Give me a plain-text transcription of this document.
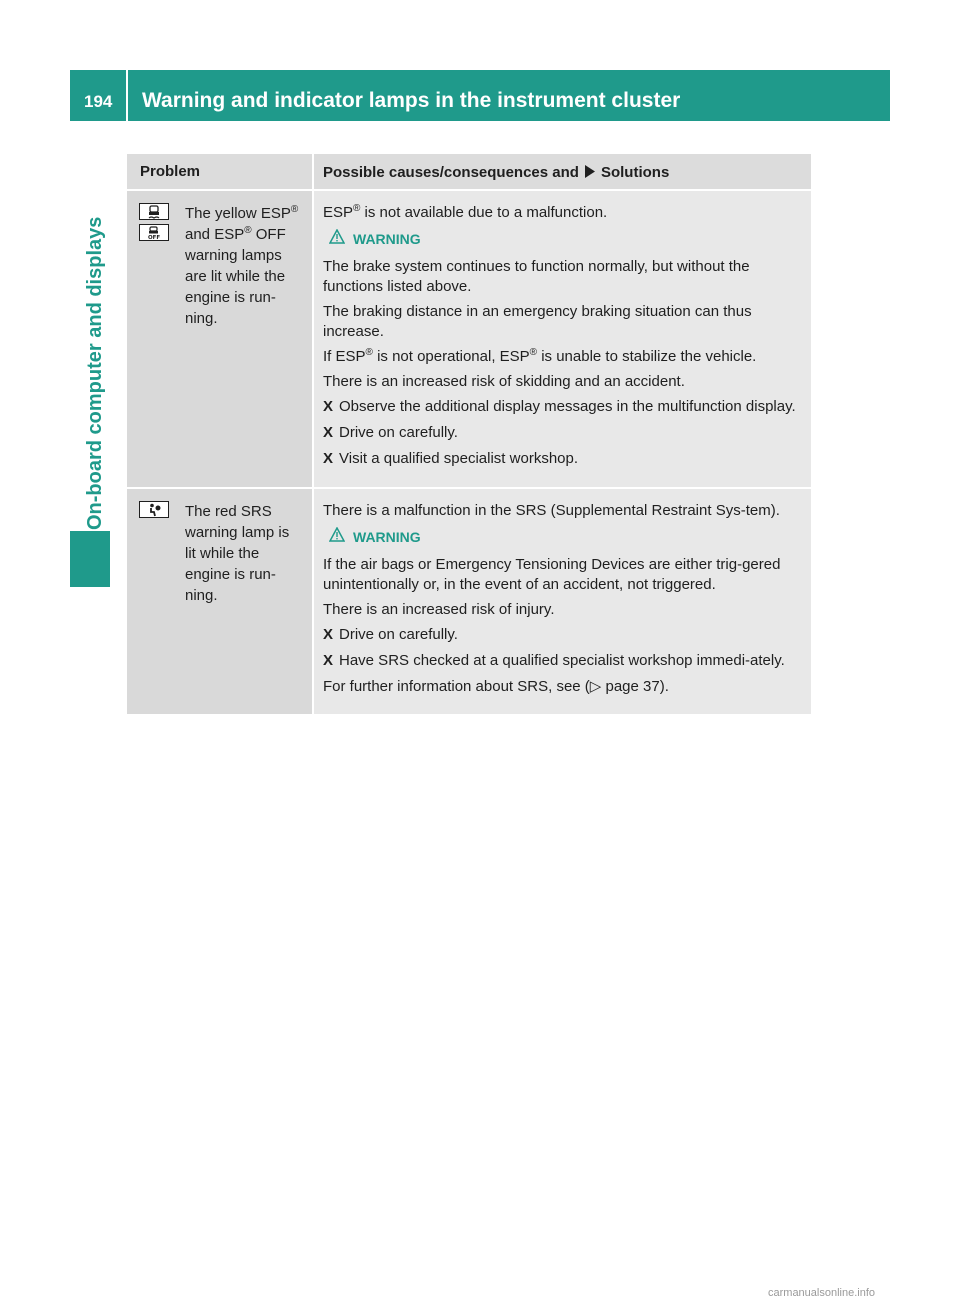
194 Warning and indicator lamps in the instrument cluster
On-board computer and displays
Problem	Possible causes/consequences and Solutions
OFF
The yellow ESP®
and ESP® OFF
warning lamps
are lit while the
engine is run-
ning.

ESP® is not available due to a malfunction.

WARNING

The brake system continues to function normally, but without the functions listed above.

The braking distance in an emergency braking situation can thus increase.

If ESP® is not operational, ESP® is unable to stabilize the vehicle.

There is an increased risk of skidding and an accident.

X Observe the additional display messages in the multifunction display.
X Drive on carefully.
X Visit a qualified specialist workshop.
The red SRS
warning lamp is
lit while the
engine is run-
ning.

There is a malfunction in the SRS (Supplemental Restraint Sys-tem).

WARNING

If the air bags or Emergency Tensioning Devices are either trig-gered unintentionally or, in the event of an accident, not triggered.

There is an increased risk of injury.

X Drive on carefully.
X Have SRS checked at a qualified specialist workshop immedi-ately.

For further information about SRS, see (▷ page 37).

carmanualsonline.info
